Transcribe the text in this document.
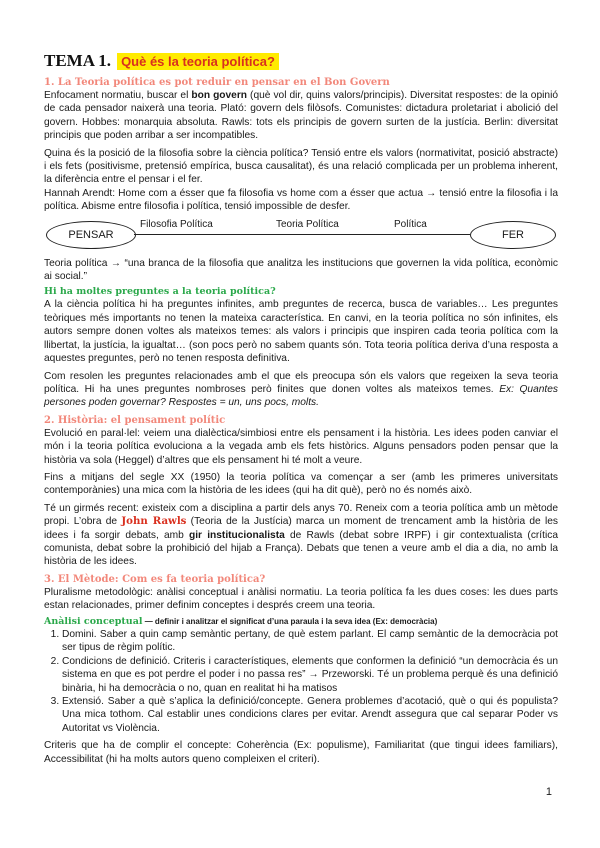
TEMA 1. Què és la teoria política?
1. La Teoria política es pot reduir en pensar en el Bon Govern

Enfocament normatiu, buscar el bon govern (què vol dir, quins valors/principis). Diversitat respostes: de la opinió de cada pensador naixerà una teoria. Plató: govern dels filòsofs. Comunistes: dictadura proletariat i abolició del govern. Hobbes: monarquia absoluta. Rawls: tots els principis de govern surten de la justícia. Berlin: diversitat principis que poden arribar a ser incompatibles.

Quina és la posició de la filosofia sobre la ciència política? Tensió entre els valors (normativitat, posició abstracte) i els fets (positivisme, pretensió empírica, busca causalitat), és una relació complicada per un problema inherent, la diferència entre el pensar i el fer.

Hannah Arendt: Home com a ésser que fa filosofia vs home com a ésser que actua → tensió entre la filosofia i la política. Abisme entre filosofia i política, tensió impossible de desfer.

PENSAR	FER
Filosofia Política	Teoria Política	Política

Teoria política → “una branca de la filosofia que analitza les institucions que governen la vida política, econòmic ai social.”

Hi ha moltes preguntes a la teoria política?

A la ciència política hi ha preguntes infinites, amb preguntes de recerca, busca de variables… Les preguntes teòriques més importants no tenen la mateixa característica. En canvi, en la teoria política no són infinites, els autors sempre donen voltes als mateixos temes: als valors i principis que inspiren cada teoria política com la llibertat, la justícia, la igualtat… (son pocs però no sabem quants són. Tota teoria política deriva d’una resposta a aquestes preguntes, però no tenen resposta definitiva.

Com resolen les preguntes relacionades amb el que els preocupa són els valors que regeixen la seva teoria política. Hi ha unes preguntes nombroses però finites que donen voltes als mateixos temes. Ex: Quantes persones poden governar? Respostes = un, uns pocs, molts.

2. Història: el pensament polític

Evolució en paral·lel: veiem una dialèctica/simbiosi entre els pensament i la història. Les idees poden canviar el món i la teoria política evoluciona a la vegada amb els fets històrics. Alguns pensadors poden pensar que la història va sola (Heggel) d’altres que els pensament hi té molt a veure.

Fins a mitjans del segle XX (1950) la teoria política va començar a ser (amb les primeres universitats contemporànies) una mica com la història de les idees (qui ha dit què), però no és només això.

Té un girmés recent: existeix com a disciplina a partir dels anys 70. Reneix com a teoria política amb un mètode propi. L’obra de John Rawls (Teoria de la Justícia) marca un moment de trencament amb la història de les idees i fa sorgir debats, amb gir institucionalista de Rawls (debat sobre IRPF) i gir contextualista (crítica comunista, debat sobre la prohibició del hijab a França). Debats que tenen a veure amb el dia a dia, no amb la història de les idees.

3. El Mètode: Com es fa teoria política?

Pluralisme metodològic: anàlisi conceptual i anàlisi normatiu. La teoria política fa les dues coses: les dues parts estan relacionades, primer definim conceptes i després creem una teoria.

Anàlisi conceptual — definir i analitzar el significat d’una paraula i la seva idea (Ex: democràcia)
1. Domini. Saber a quin camp semàntic pertany, de què estem parlant. El camp semàntic de la democràcia pot ser tipus de règim polític.
2. Condicions de definició. Criteris i característiques, elements que conformen la definició “un democràcia és un sistema en que es pot perdre el poder i no passa res” → Przeworski. Té un problema perquè és una definició binària, hi ha democràcia o no, quan en realitat hi ha matisos
3. Extensió. Saber a què s’aplica la definició/concepte. Genera problemes d’acotació, què o qui és populista? Una mica tothom. Cal establir unes condicions clares per evitar. Arendt assegura que cal separar Poder vs Autoritat vs Violència.

Criteris que ha de complir el concepte: Coherència (Ex: populisme), Familiaritat (que tingui idees familiars), Accessibilitat (hi ha molts autors queno compleixen el criteri).

1
